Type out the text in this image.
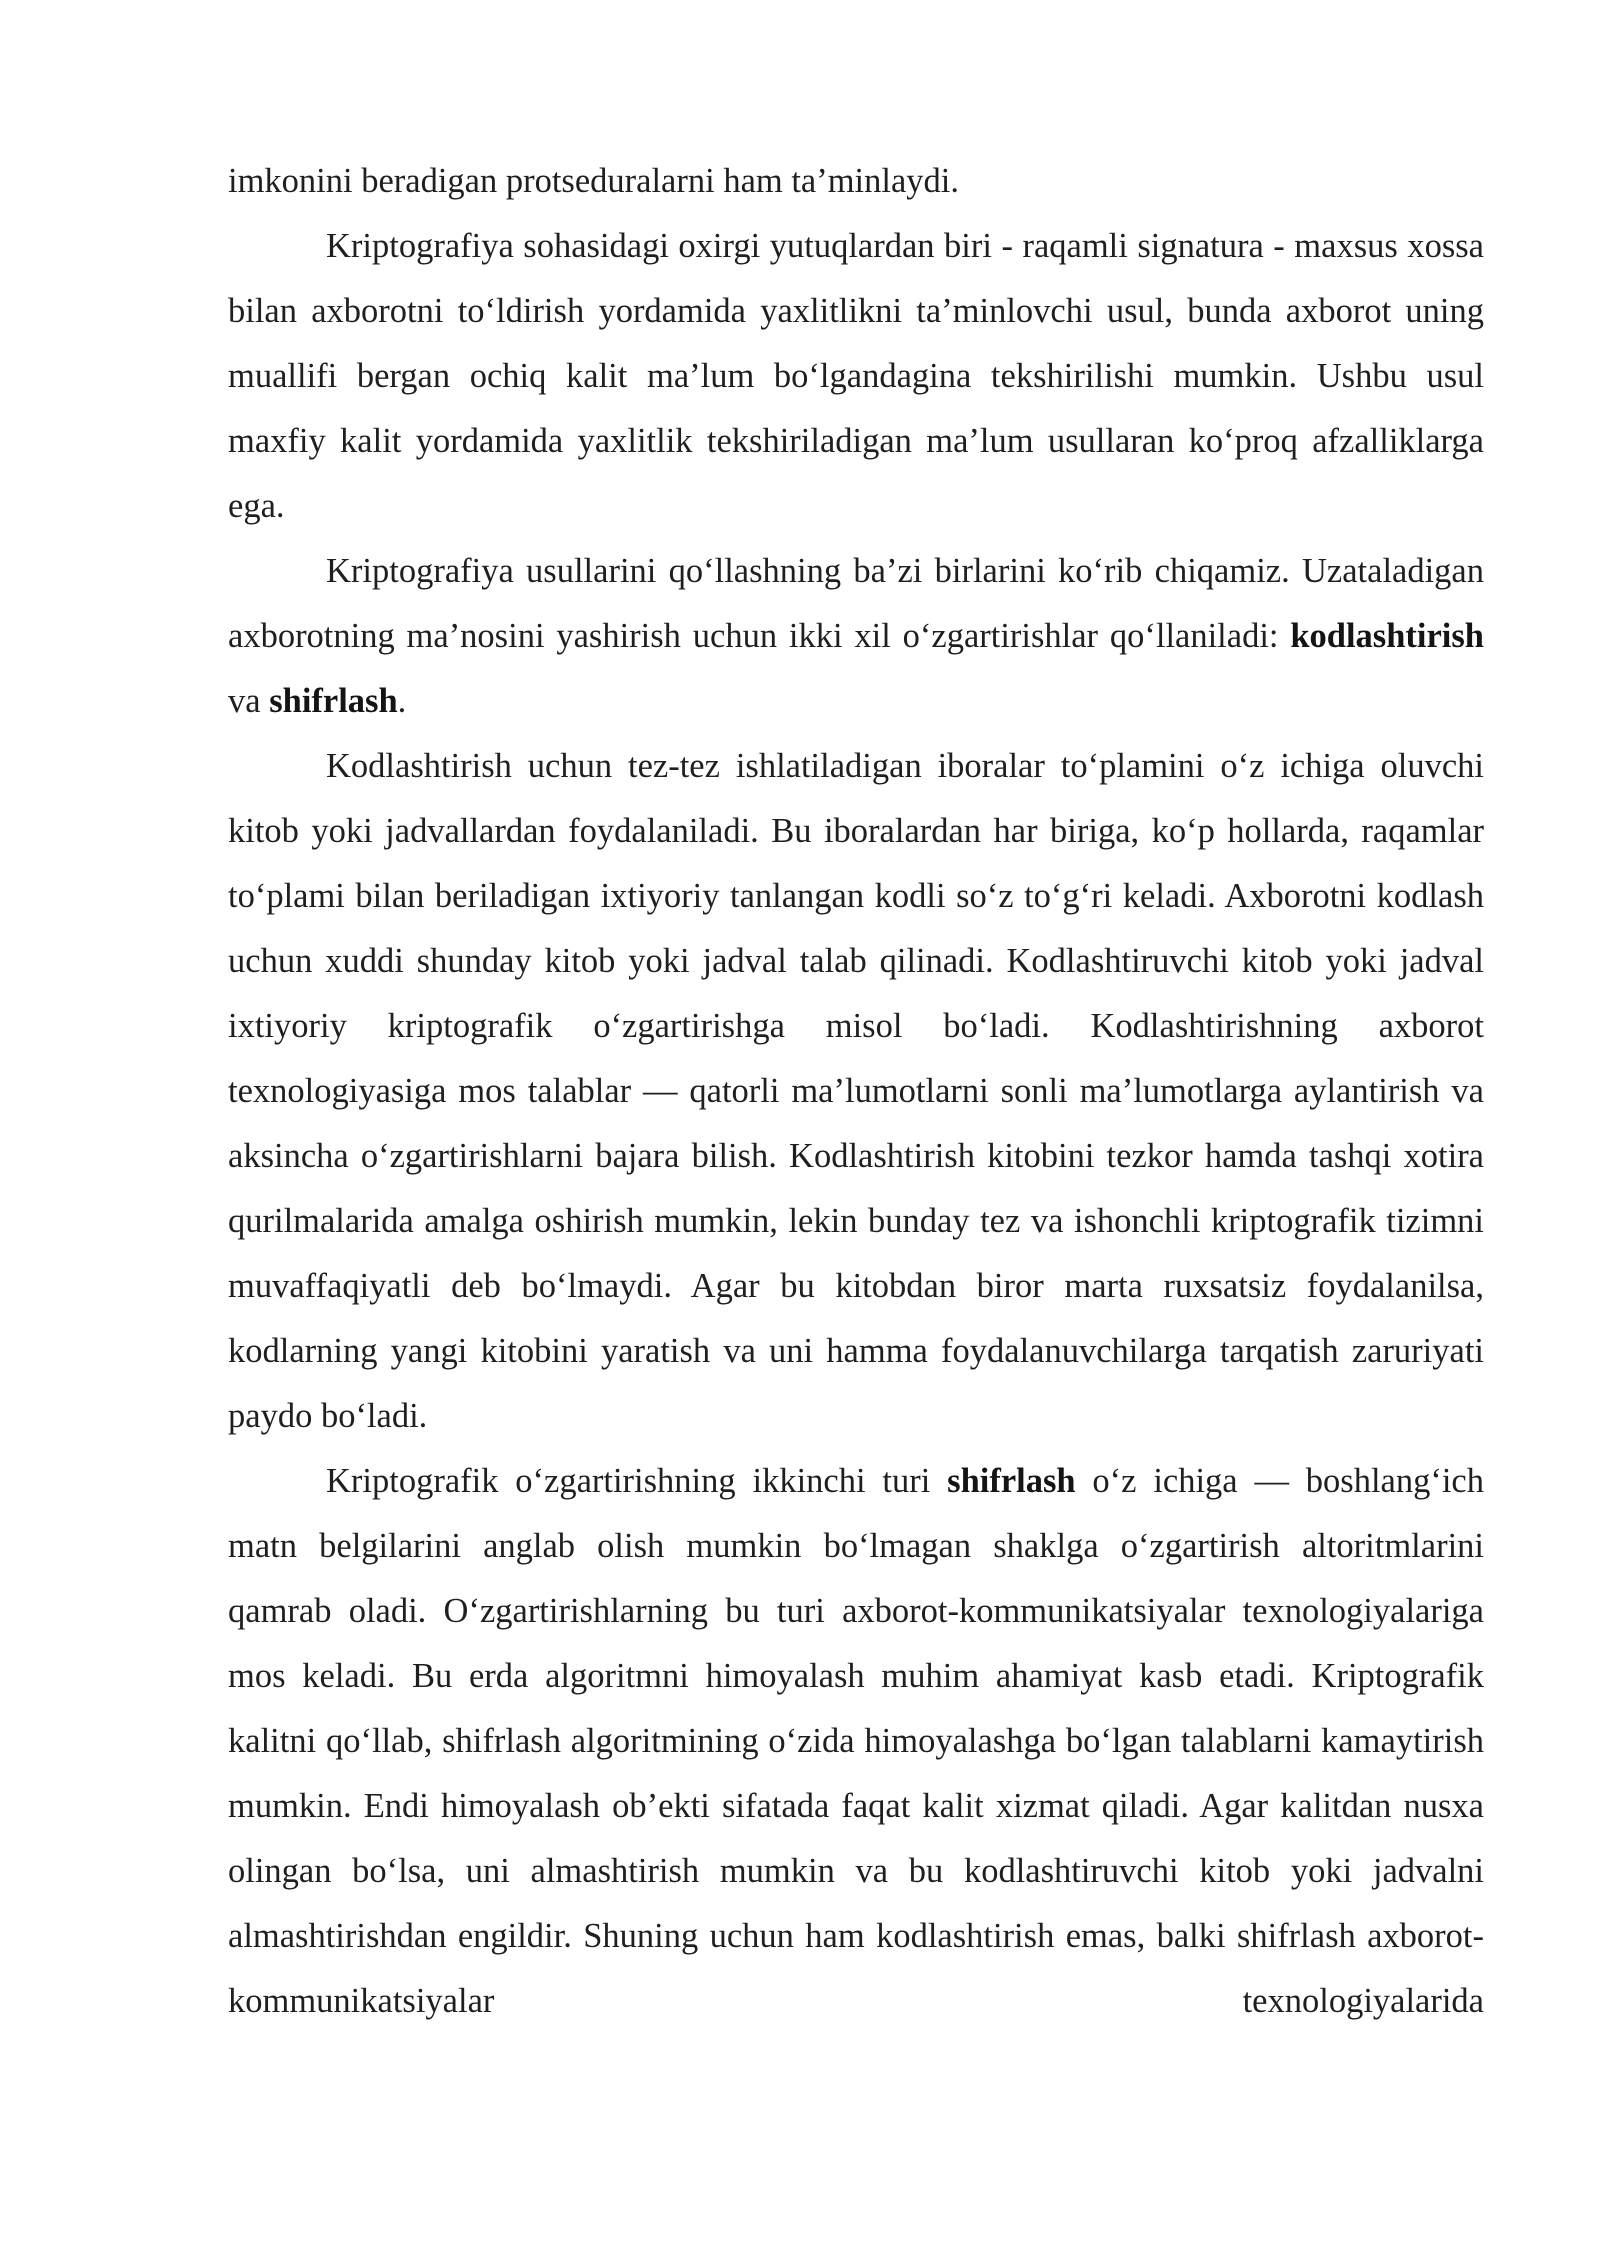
imkonini beradigan protseduralarni ham ta’minlaydi.

Kriptografiya sohasidagi oxirgi yutuqlardan biri - raqamli signatura - maxsus xossa bilan axborotni to‘ldirish yordamida yaxlitlikni ta’minlovchi usul, bunda axborot uning muallifi bergan ochiq kalit ma’lum bo‘lgandagina tekshirilishi mumkin. Ushbu usul maxfiy kalit yordamida yaxlitlik tekshiriladigan ma’lum usullaran ko‘proq afzalliklarga ega.

Kriptografiya usullarini qo‘llashning ba’zi birlarini ko‘rib chiqamiz. Uzataladigan axborotning ma’nosini yashirish uchun ikki xil o‘zgartirishlar qo‘llaniladi: kodlashtirish va shifrlash.

Kodlashtirish uchun tez-tez ishlatiladigan iboralar to‘plamini o‘z ichiga oluvchi kitob yoki jadvallardan foydalaniladi. Bu iboralardan har biriga, ko‘p hollarda, raqamlar to‘plami bilan beriladigan ixtiyoriy tanlangan kodli so‘z to‘g‘ri keladi. Axborotni kodlash uchun xuddi shunday kitob yoki jadval talab qilinadi. Kodlashtiruvchi kitob yoki jadval ixtiyoriy kriptografik o‘zgartirishga misol bo‘ladi. Kodlashtirishning axborot texnologiyasiga mos talablar — qatorli ma’lumotlarni sonli ma’lumotlarga aylantirish va aksincha o‘zgartirishlarni bajara bilish. Kodlashtirish kitobini tezkor hamda tashqi xotira qurilmalarida amalga oshirish mumkin, lekin bunday tez va ishonchli kriptografik tizimni muvaffaqiyatli deb bo‘lmaydi. Agar bu kitobdan biror marta ruxsatsiz foydalanilsa, kodlarning yangi kitobini yaratish va uni hamma foydalanuvchilarga tarqatish zaruriyati paydo bo‘ladi.

Kriptografik o‘zgartirishning ikkinchi turi shifrlash o‘z ichiga — boshlang‘ich matn belgilarini anglab olish mumkin bo‘lmagan shaklga o‘zgartirish altoritmlarini qamrab oladi. O‘zgartirishlarning bu turi axborot-kommunikatsiyalar texnologiyalariga mos keladi. Bu erda algoritmni himoyalash muhim ahamiyat kasb etadi. Kriptografik kalitni qo‘llab, shifrlash algoritmining o‘zida himoyalashga bo‘lgan talablarni kamaytirish mumkin. Endi himoyalash ob’ekti sifatada faqat kalit xizmat qiladi. Agar kalitdan nusxa olingan bo‘lsa, uni almashtirish mumkin va bu kodlashtiruvchi kitob yoki jadvalni almashtirishdan engildir. Shuning uchun ham kodlashtirish emas, balki shifrlash axborot-kommunikatsiyalar texnologiyalarida
